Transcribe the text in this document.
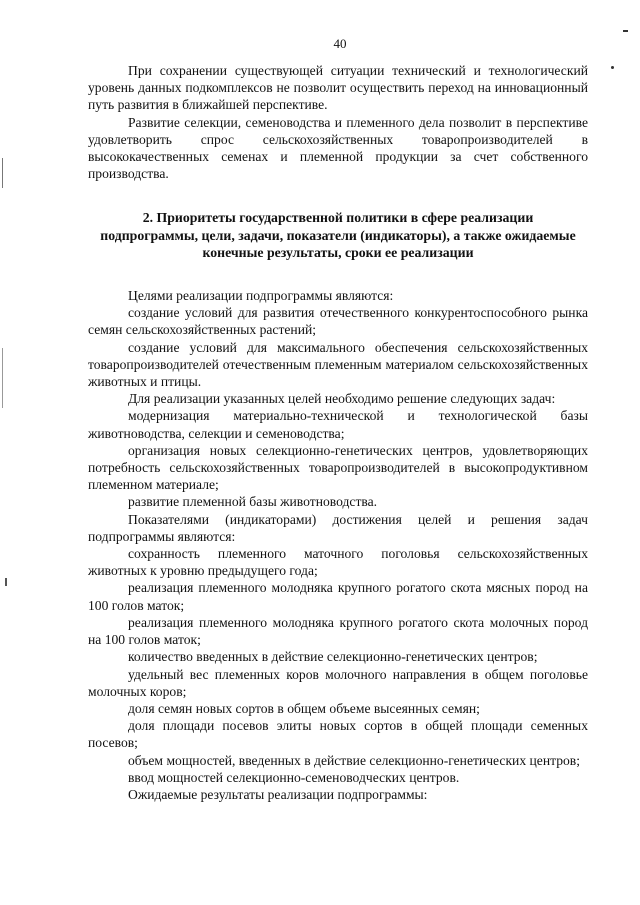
40

При сохранении существующей ситуации технический и технологический уровень данных подкомплексов не позволит осуществить переход на инновационный путь развития в ближайшей перспективе.

Развитие селекции, семеноводства и племенного дела позволит в перспективе удовлетворить спрос сельскохозяйственных товаропроизводителей в высококачественных семенах и племенной продукции за счет собственного производства.

2. Приоритеты государственной политики в сфере реализации подпрограммы, цели, задачи, показатели (индикаторы), а также ожидаемые конечные результаты, сроки ее реализации

Целями реализации подпрограммы являются:

создание условий для развития отечественного конкурентоспособного рынка семян сельскохозяйственных растений;

создание условий для максимального обеспечения сельскохозяйственных товаропроизводителей отечественным племенным материалом сельскохозяйственных животных и птицы.

Для реализации указанных целей необходимо решение следующих задач:

модернизация материально-технической и технологической базы животноводства, селекции и семеноводства;

организация новых селекционно-генетических центров, удовлетворяющих потребность сельскохозяйственных товаропроизводителей в высокопродуктивном племенном материале;

развитие племенной базы животноводства.

Показателями (индикаторами) достижения целей и решения задач подпрограммы являются:

сохранность племенного маточного поголовья сельскохозяйственных животных к уровню предыдущего года;

реализация племенного молодняка крупного рогатого скота мясных пород на 100 голов маток;

реализация племенного молодняка крупного рогатого скота молочных пород на 100 голов маток;

количество введенных в действие селекционно-генетических центров;

удельный вес племенных коров молочного направления в общем поголовье молочных коров;

доля семян новых сортов в общем объеме высеянных семян;

доля площади посевов элиты новых сортов в общей площади семенных посевов;

объем мощностей, введенных в действие селекционно-генетических центров;

ввод мощностей селекционно-семеноводческих центров.

Ожидаемые результаты реализации подпрограммы:
